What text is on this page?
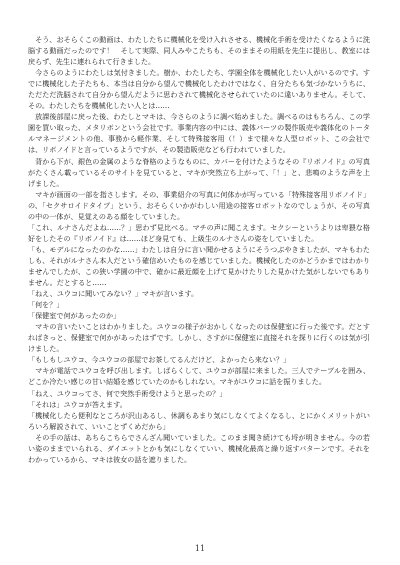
　そう、おそらくこの動画は、わたしたちに機械化を受け入れさせる、機械化手術を受けたくなるように洗脳する動画だったのです！　そして実際、同人みやこたちも、そのままその用紙を先生に提出し、教室には戻らず、先生に連れられて行きました。

　今さらのようにわたしは気付きました。樹か、わたしたち、学園全体を機械化したい人がいるのです。すでに機械化した子たちも、本当は自分から望んで機械化したわけではなく、自分たちも気づかないうちに、ただただ洗脳されて自分から望んだように思わされて機械化させられていたのに違いありません。そして、その。わたしたちを機械化したい人とは……

　放課後部屋に戻った後、わたしとマキは、今さらのように調べ始めました。調べるのはもちろん、この学園を買い取った、メタリボンという会社です。事業内容の中には、義体パーツの製作販売や義体化のトータルマネージメントの他、事務から軽作業、そして特殊接客用（！）まで様々な人型ロボット、この会社では、リボノイドと言っているようですが、その製造販売なども行われていました。

　背から下が、銀色の金属のような脊格のようなものに、カバーを付けたようなその『リボノイド』の写真がたくさん載っているそのサイトを見ていると、マキが突然立ち上がって、「！」と、悲鳴のような声を上げました。

　マキが画面の一部を指さします。その、事業紹介の写真に何体かが写っている「特殊接客用リボノイド」の、「セクサロイドタイプ」という、おそらくいかがわしい用途の接客ロボットなのでしょうが、その写真の中の一体が、見覚えのある顔をしていました。

「これ、ルナさんだよね……？」思わず見比べる。マチの声に聞こえます。セクシーというよりは卑猥な格好をしたその『リボノイド』は……ほど身見ても、上級生のルナさんの姿をしていました。

「も、モデルになったのかな……」わたしは自分に言い聞かせるようにそうつぶやきましたが、マキもわたしも、それがルナさん本人だという確信めいたものを感じていました。機械化したのかどうかまではわかりませんでしたが、この狭い学園の中で、確かに最近顔を上げて見かけたりした見かけた気がしないでもありません。だとすると……

「ねえ、ユウコに聞いてみない？」マキが言います。

「何を？」

「保健室で何があったのか」

　マキの言いたいことはわかりました。ユウコの様子がおかしくなったのは保健室に行った後です。だとすればきっと、保健室で何かがあったはずです。しかし、さすがに保健室に直接それを探りに行くのは気が引けました。

「もしもしユウコ、今ユウコの部屋でお茶してるんだけど、よかったら来ない？」

　マキが電話でユウコを呼び出します。しばらくして、ユウコが部屋に来ました。三人でテーブルを囲み、どこか冷たい感じの甘い結婚を感じていたのかもしれない。マキがユウコに話を振りました。

「ねえ、ユウコってさ、何で突然手術受けようと思ったの？」

「それは」ユウコが答えます。

「機械化したら便利なところが沢山あるし、休調もあまり気にしなくてよくなるし、とにかくメリットがいろいろ解説されて、いいことずくめだから」

　その手の話は、あちらこちらでさんざん聞いていました。このまま聞き続けても埒が明きません。今の若い姿のままでいられる、ダイエットとかも気にしなくていい、機械化最高と繰り返すパターンです。それをわかっているから、マキは彼女の話を遮りました。

11
